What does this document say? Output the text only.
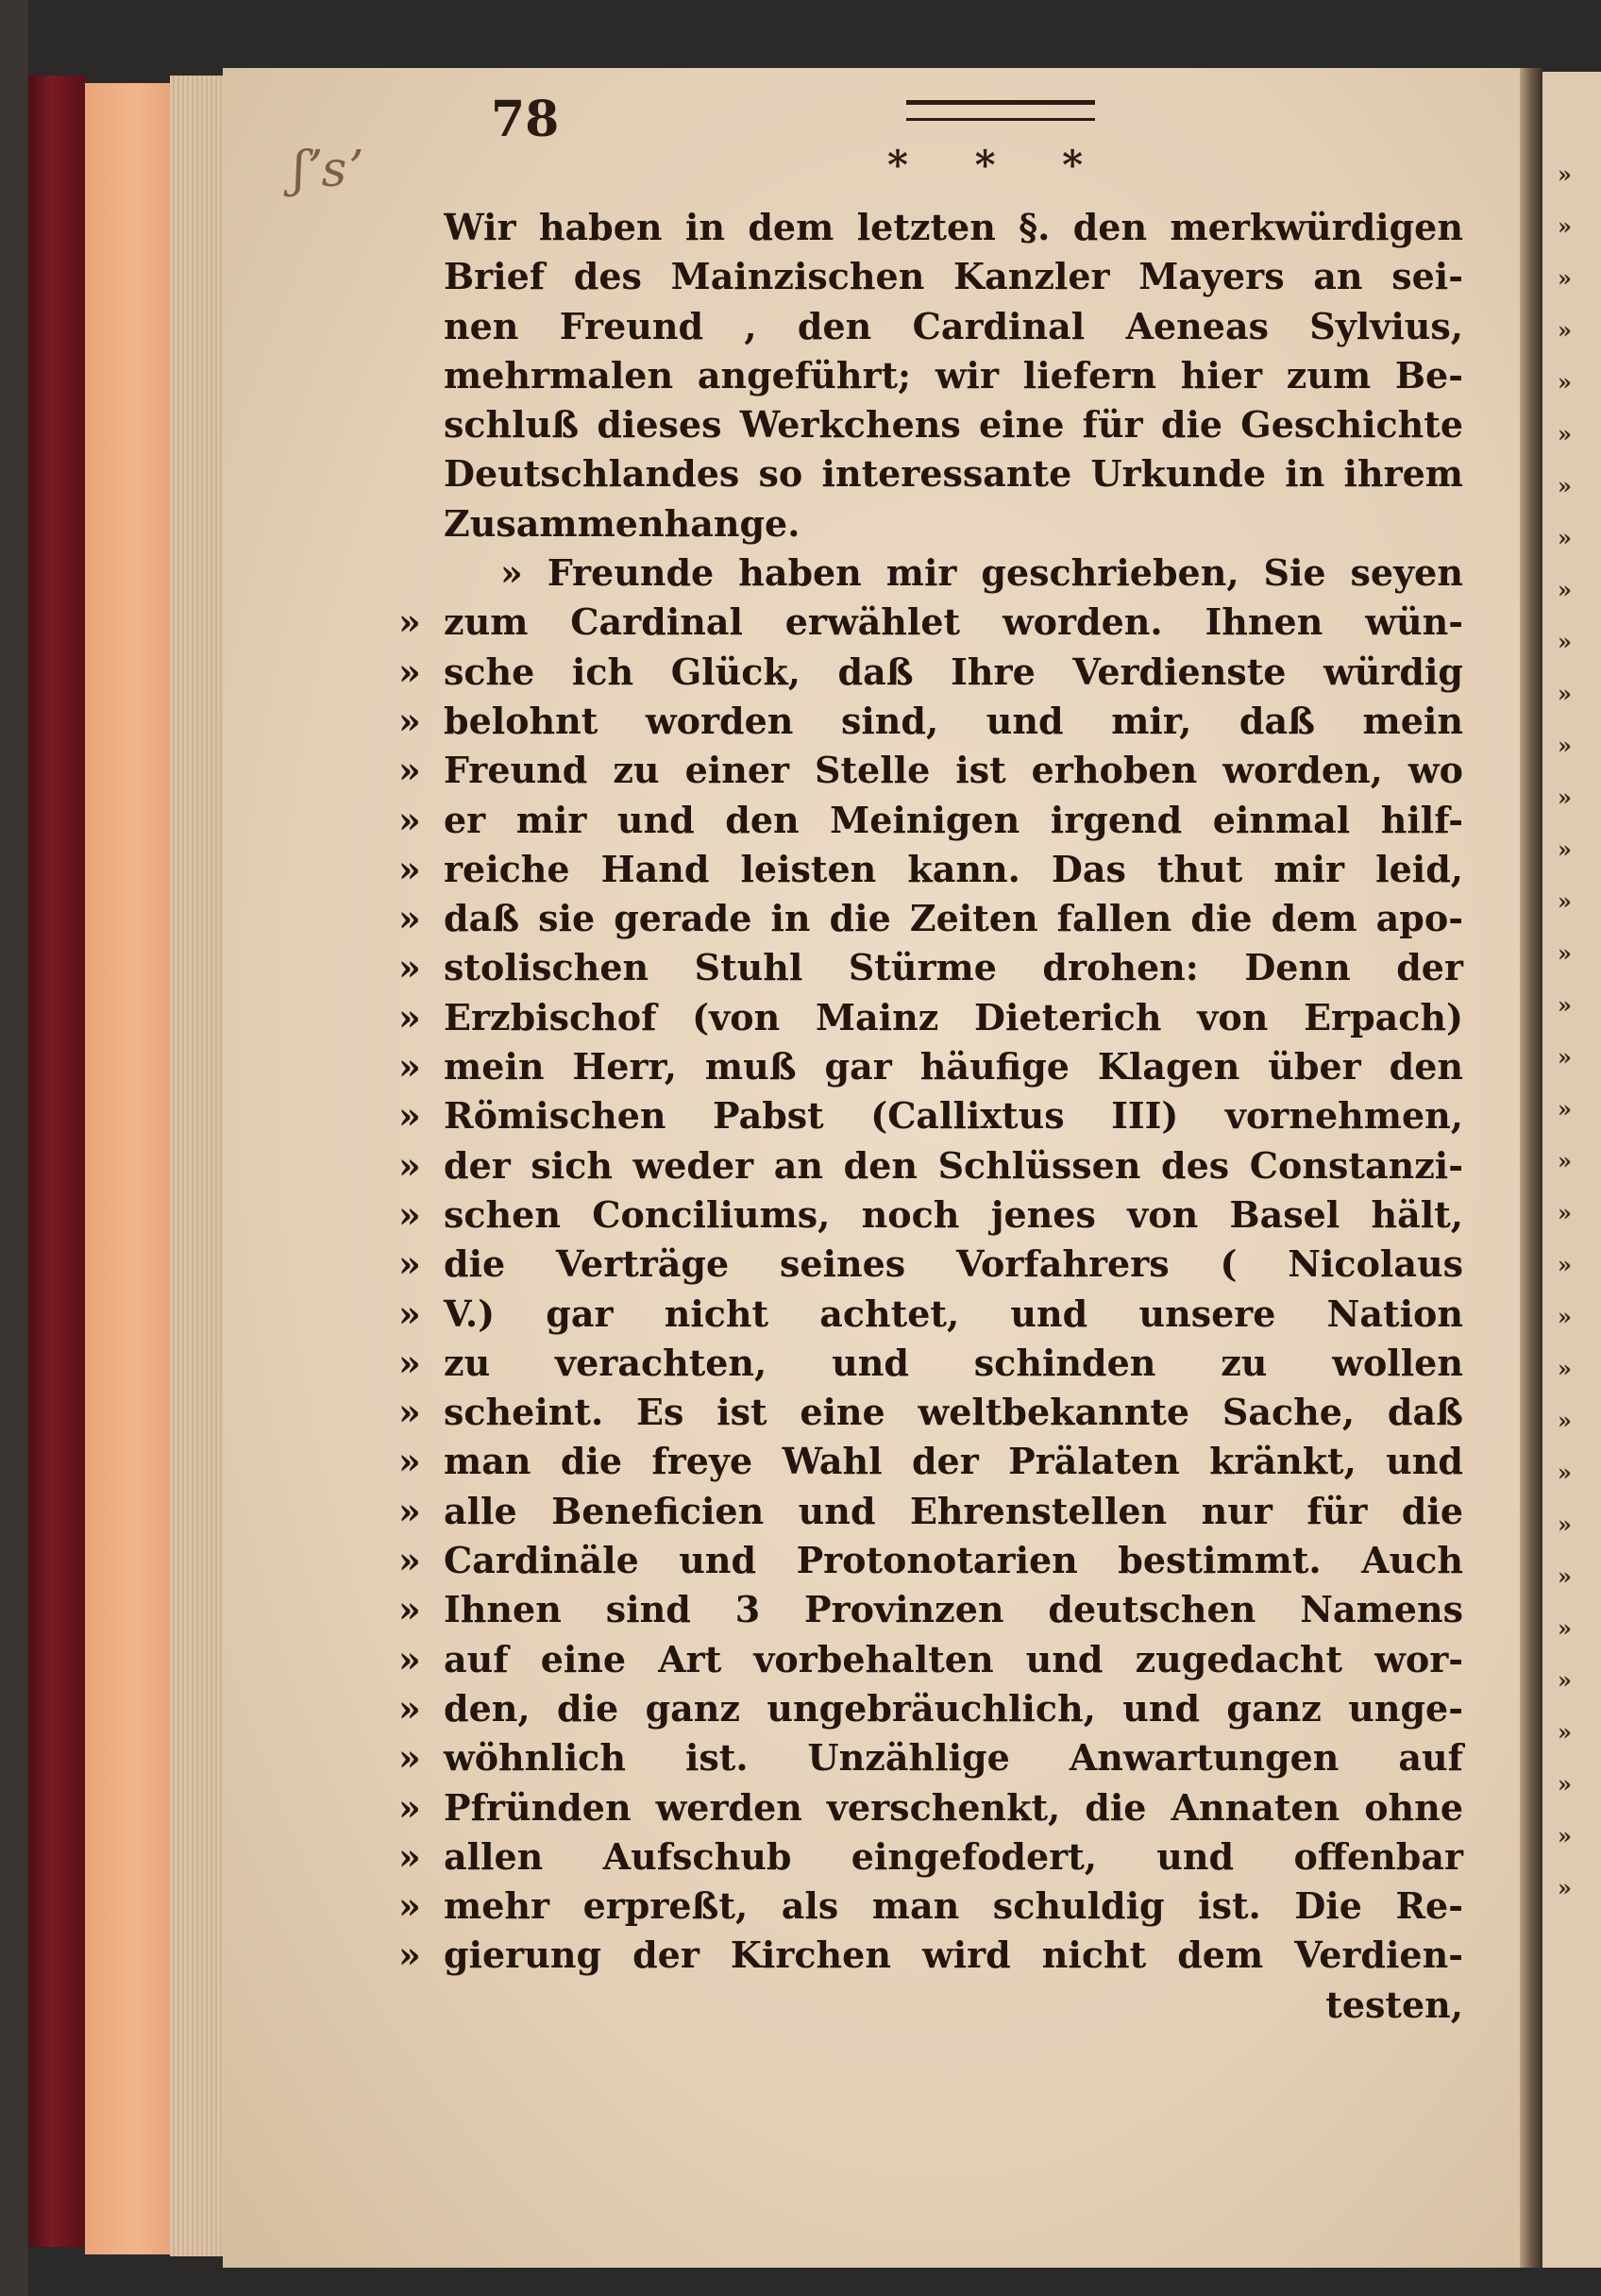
»
»
»
»
»
»
»
»
»
»
»
»
»
»
»
»
»
»
»
»
»
»
»
»
»
»
»
»
»
»
»
»
»
»
78
ʃʼsʼ	* * *
Wir haben in dem letzten §. den merkwürdigen
Brief des Mainzischen Kanzler Mayers an sei-
nen Freund , den Cardinal Aeneas Sylvius,
mehrmalen angeführt; wir liefern hier zum Be-
schluß dieses Werkchens eine für die Geschichte
Deutschlandes so interessante Urkunde in ihrem
Zusammenhange.
» Freunde haben mir geschrieben, Sie seyen
zum Cardinal erwählet worden. Ihnen wün-
»
sche ich Glück, daß Ihre Verdienste würdig
»
belohnt worden sind, und mir, daß mein
»
Freund zu einer Stelle ist erhoben worden, wo
»
er mir und den Meinigen irgend einmal hilf-
»
reiche Hand leisten kann. Das thut mir leid,
»
daß sie gerade in die Zeiten fallen die dem apo-
»
stolischen Stuhl Stürme drohen: Denn der
»
Erzbischof (von Mainz Dieterich von Erpach)
»
mein Herr, muß gar häufige Klagen über den
»
Römischen Pabst (Callixtus III) vornehmen,
»
der sich weder an den Schlüssen des Constanzi-
»
schen Conciliums, noch jenes von Basel hält,
»
die Verträge seines Vorfahrers ( Nicolaus
»
V.) gar nicht achtet, und unsere Nation
»
zu verachten, und schinden zu wollen
»
scheint. Es ist eine weltbekannte Sache, daß
»
man die freye Wahl der Prälaten kränkt, und
»
alle Beneficien und Ehrenstellen nur für die
»
Cardinäle und Protonotarien bestimmt. Auch
»
Ihnen sind 3 Provinzen deutschen Namens
»
auf eine Art vorbehalten und zugedacht wor-
»
den, die ganz ungebräuchlich, und ganz unge-
»
wöhnlich ist. Unzählige Anwartungen auf
»
Pfründen werden verschenkt, die Annaten ohne
»
allen Aufschub eingefodert, und offenbar
»
mehr erpreßt, als man schuldig ist. Die Re-
»
gierung der Kirchen wird nicht dem Verdien-
»
testen,
